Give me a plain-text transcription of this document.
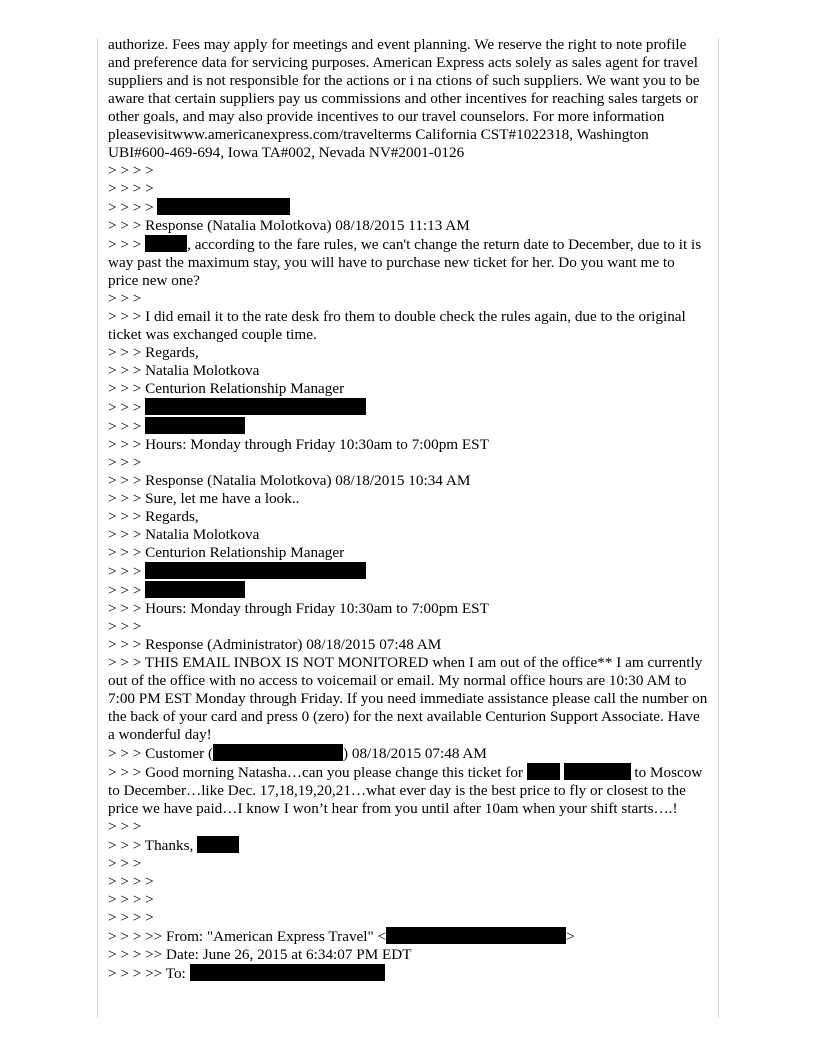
authorize. Fees may apply for meetings and event planning. We reserve the right to note profile and preference data for servicing purposes. American Express acts solely as sales agent for travel suppliers and is not responsible for the actions or i na ctions of such suppliers. We want you to be aware that certain suppliers pay us commissions and other incentives for reaching sales targets or other goals, and may also provide incentives to our travel counselors. For more information pleasevisitwww.americanexpress.com/travelterms California CST#1022318, Washington UBI#600-469-694, Iowa TA#002, Nevada NV#2001-0126

> > > >

> > > >

> > > >

> > > Response (Natalia Molotkova) 08/18/2015 11:13 AM

> > >	, according to the fare rules, we can't change the return date to December, due to it is way past the maximum stay, you will have to purchase new ticket for her. Do you want me to price new one?

> > >

> > > I did email it to the rate desk fro them to double check the rules again, due to the original ticket was exchanged couple time.

> > > Regards,

> > > Natalia Molotkova

> > > Centurion Relationship Manager

> > >

> > >

> > > Hours: Monday through Friday 10:30am to 7:00pm EST

> > >

> > > Response (Natalia Molotkova) 08/18/2015 10:34 AM

> > > Sure, let me have a look..

> > > Regards,

> > > Natalia Molotkova

> > > Centurion Relationship Manager

> > >

> > >

> > > Hours: Monday through Friday 10:30am to 7:00pm EST

> > >

> > > Response (Administrator) 08/18/2015 07:48 AM

> > > THIS EMAIL INBOX IS NOT MONITORED when I am out of the office** I am currently out of the office with no access to voicemail or email. My normal office hours are 10:30 AM to 7:00 PM EST Monday through Friday. If you need immediate assistance please call the number on the back of your card and press 0 (zero) for the next available Centurion Support Associate. Have a wonderful day!

> > > Customer (	) 08/18/2015 07:48 AM

> > > Good morning Natasha…can you please change this ticket for	to Moscow to December…like Dec. 17,18,19,20,21…what ever day is the best price to fly or closest to the price we have paid…I know I won’t hear from you until after 10am when your shift starts….!

> > >

> > > Thanks,

> > >

> > > >

> > > >

> > > >

> > > >> From: "American Express Travel" <	>

> > > >> Date: June 26, 2015 at 6:34:07 PM EDT

> > > >> To:
